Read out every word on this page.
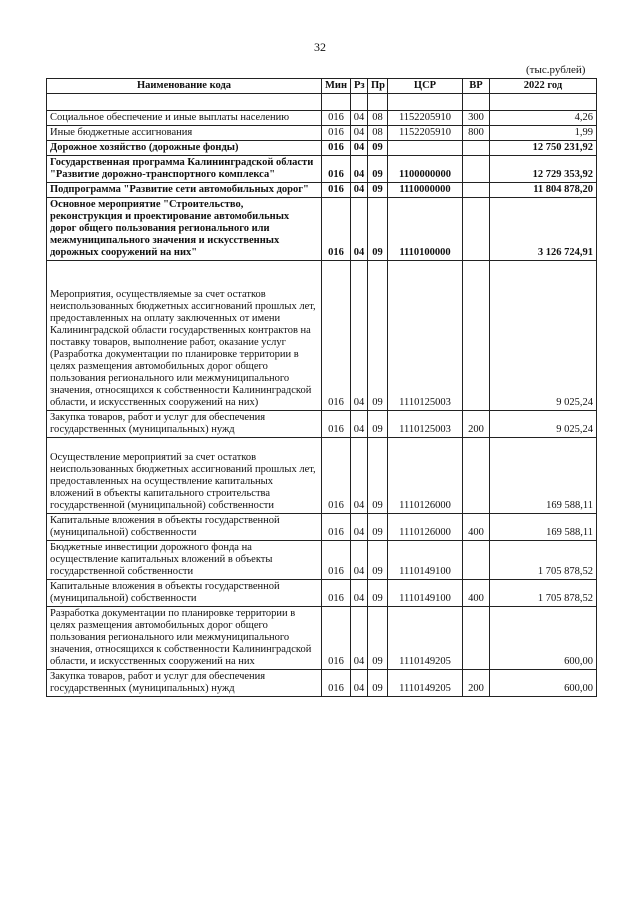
32
(тыс.рублей)
Наименование кода	Мин	Рз	Пр	ЦСР	ВР	2022 год

Социальное обеспечение и иные выплаты населению	016	04	08	1152205910	300	4,26
Иные бюджетные ассигнования	016	04	08	1152205910	800	1,99
Дорожное хозяйство (дорожные фонды)	016	04	09			12 750 231,92
Государственная программа Калининградской области "Развитие дорожно-транспортного комплекса"	016	04	09	1100000000		12 729 353,92
Подпрограмма "Развитие сети автомобильных дорог"	016	04	09	1110000000		11 804 878,20
Основное мероприятие "Строительство, реконструкция и проектирование автомобильных дорог общего пользования регионального или межмуниципального значения и искусственных дорожных сооружений на них"	016	04	09	1110100000		3 126 724,91
Мероприятия, осуществляемые за счет остатков неиспользованных бюджетных ассигнований прошлых лет, предоставленных на оплату заключенных от имени Калининградской области государственных контрактов на поставку товаров, выполнение работ, оказание услуг (Разработка документации по планировке территории в целях размещения автомобильных дорог общего пользования регионального или межмуниципального значения, относящихся к собственности Калининградской области, и искусственных сооружений на них)	016	04	09	1110125003		9 025,24
Закупка товаров, работ и услуг для обеспечения государственных (муниципальных) нужд	016	04	09	1110125003	200	9 025,24
Осуществление мероприятий за счет остатков неиспользованных бюджетных ассигнований прошлых лет, предоставленных на осуществление капитальных вложений в объекты капитального строительства государственной (муниципальной) собственности	016	04	09	1110126000		169 588,11
Капитальные вложения в объекты государственной (муниципальной) собственности	016	04	09	1110126000	400	169 588,11
Бюджетные инвестиции дорожного фонда на осуществление капитальных вложений в объекты государственной собственности	016	04	09	1110149100		1 705 878,52
Капитальные вложения в объекты государственной (муниципальной) собственности	016	04	09	1110149100	400	1 705 878,52
Разработка документации по планировке территории в целях размещения автомобильных дорог общего пользования регионального или межмуниципального значения, относящихся к собственности Калининградской области, и искусственных сооружений на них	016	04	09	1110149205		600,00
Закупка товаров, работ и услуг для обеспечения государственных (муниципальных) нужд	016	04	09	1110149205	200	600,00
